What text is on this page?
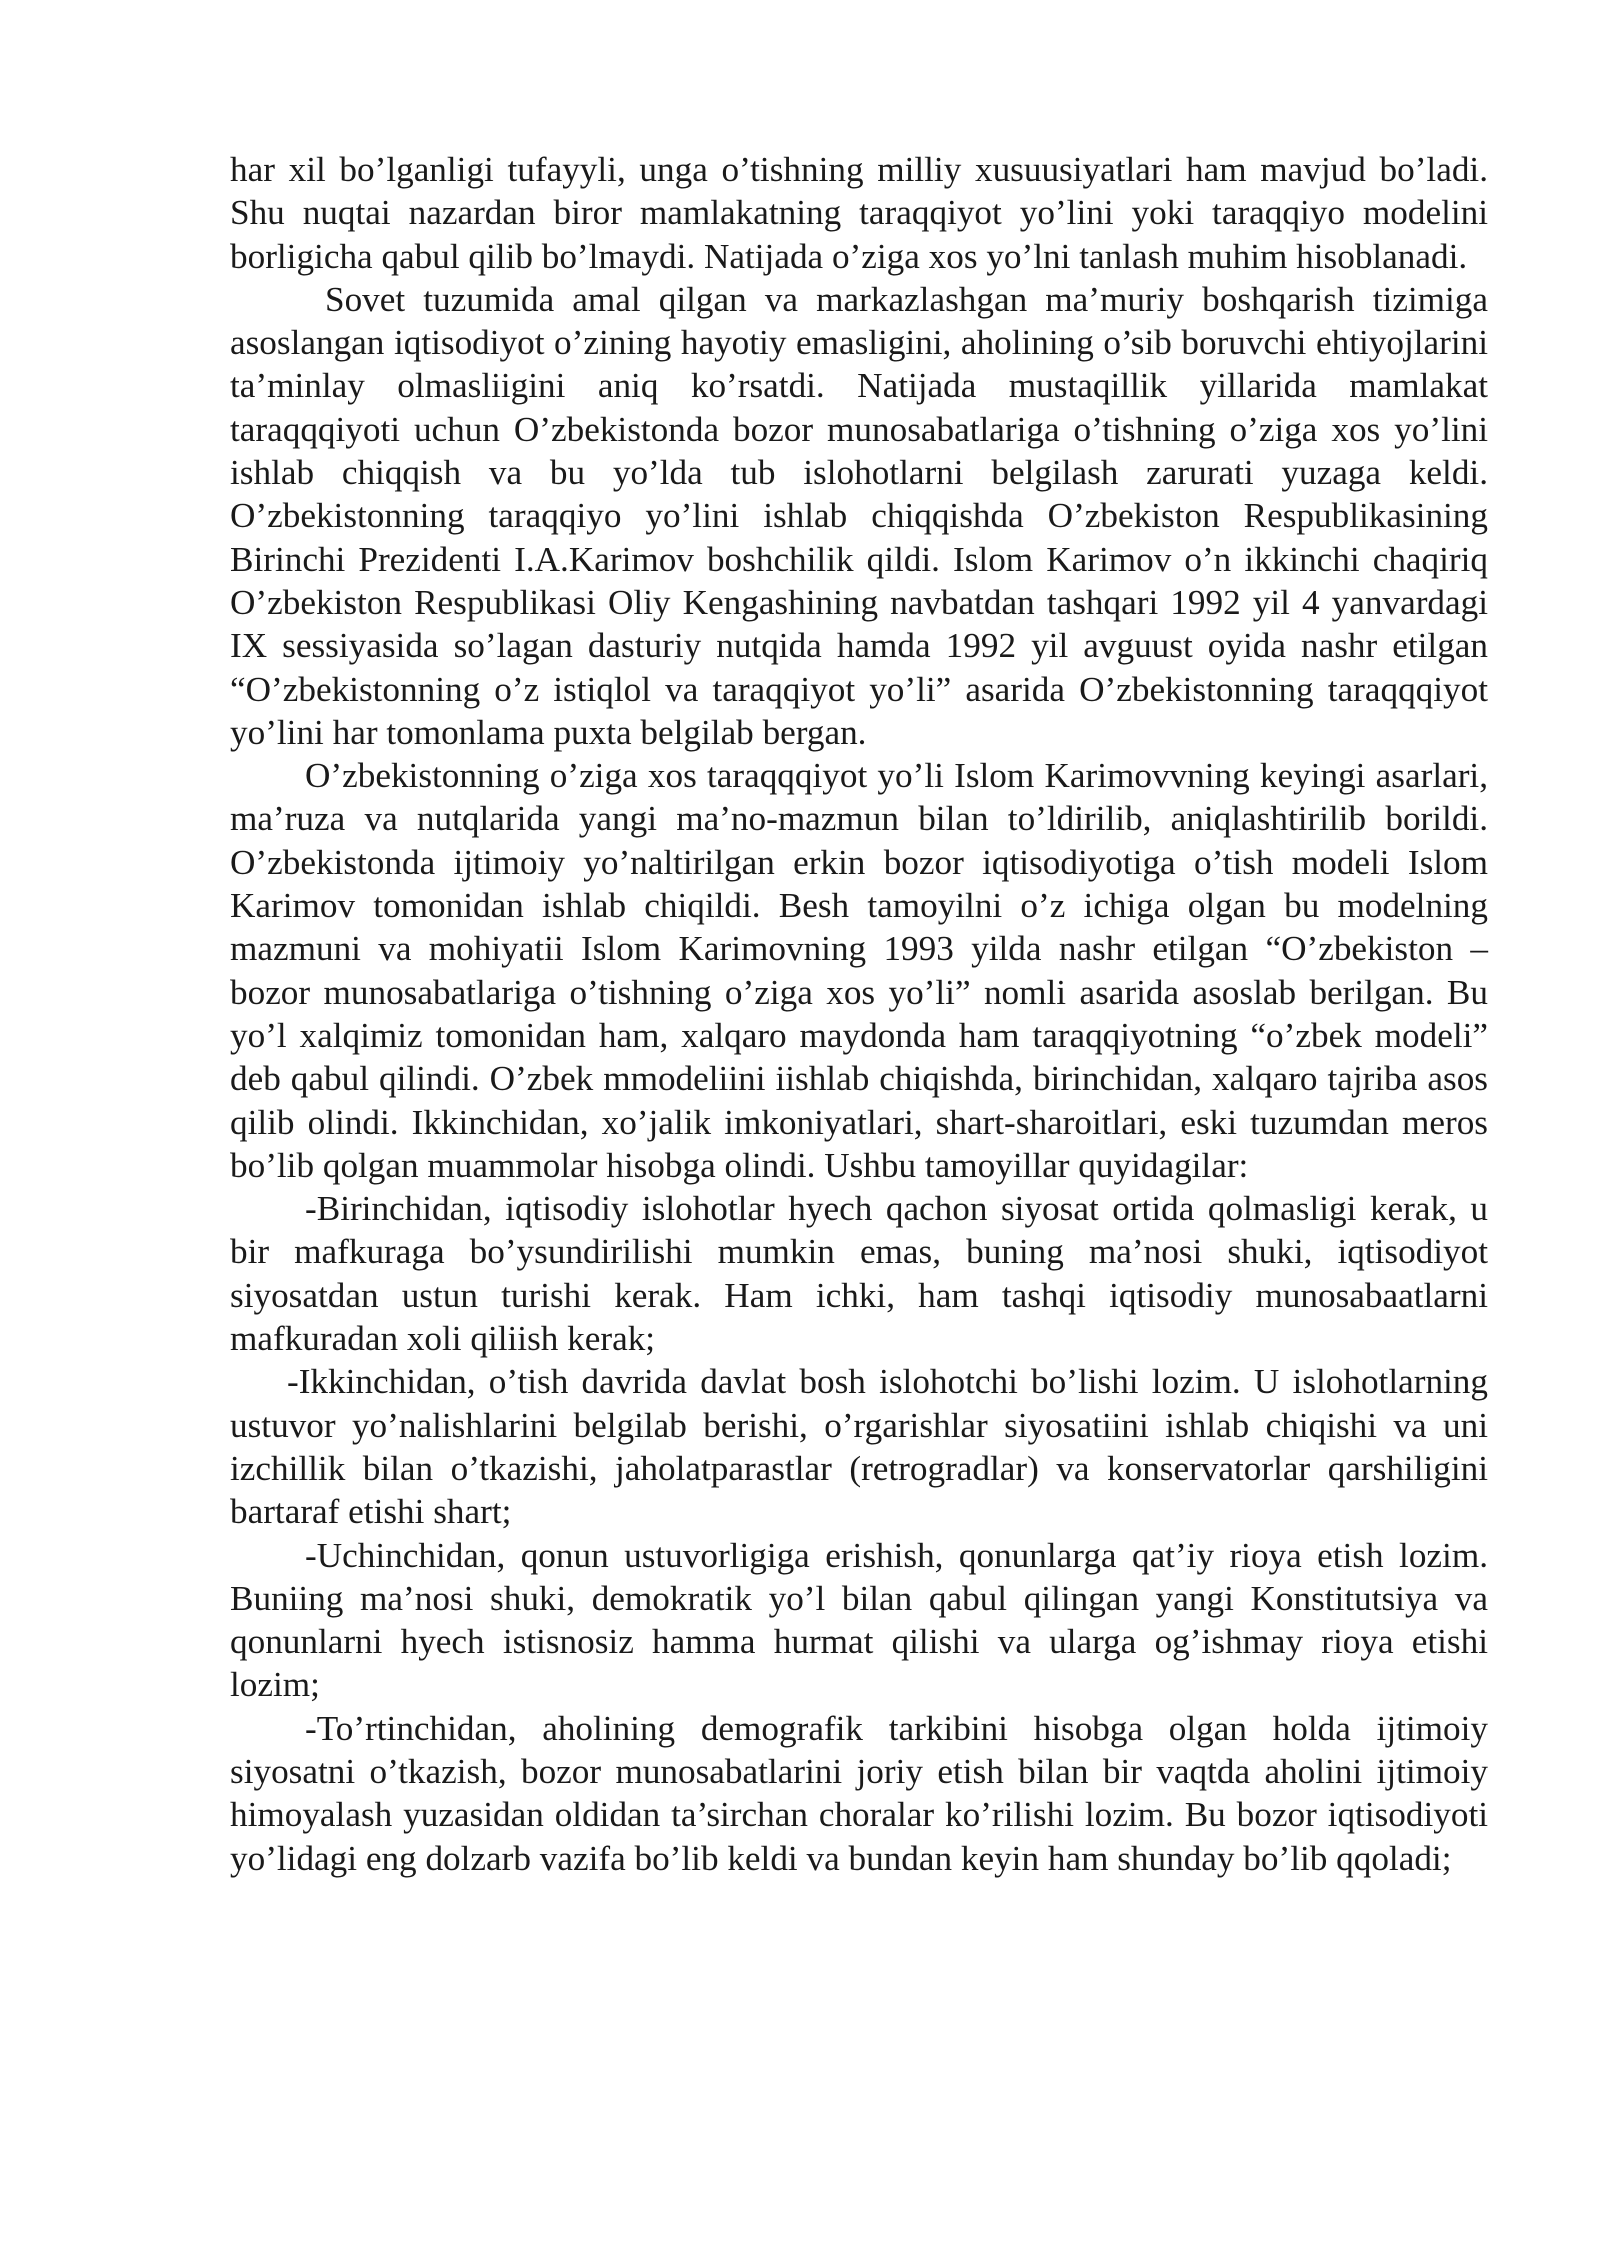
har xil bo’lganligi tufayyli, unga o’tishning milliy xusuusiyatlari ham mavjud bo’ladi. Shu nuqtai nazardan biror mamlakatning taraqqiyot yo’lini yoki taraqqiyo modelini borligicha qabul qilib bo’lmaydi. Natijada o’ziga xos yo’lni tanlash muhim hisoblanadi.

Sovet tuzumida amal qilgan va markazlashgan ma’muriy boshqarish tizimiga asoslangan iqtisodiyot o’zining hayotiy emasligini, aholining o’sib boruvchi ehtiyojlarini ta’minlay olmasliigini aniq ko’rsatdi. Natijada mustaqillik yillarida mamlakat taraqqqiyoti uchun O’zbekistonda bozor munosabatlariga o’tishning o’ziga xos yo’lini ishlab chiqqish va bu yo’lda tub islohotlarni belgilash zarurati yuzaga keldi. O’zbekistonning taraqqiyo yo’lini ishlab chiqqishda O’zbekiston Respublikasining Birinchi Prezidenti I.A.Karimov boshchilik qildi. Islom Karimov o’n ikkinchi chaqiriq O’zbekiston Respublikasi Oliy Kengashining navbatdan tashqari 1992 yil 4 yanvardagi IX sessiyasida so’lagan dasturiy nutqida hamda 1992 yil avguust oyida nashr etilgan “O’zbekistonning o’z istiqlol va taraqqiyot yo’li” asarida O’zbekistonning taraqqqiyot yo’lini har tomonlama puxta belgilab bergan.

O’zbekistonning o’ziga xos taraqqqiyot yo’li Islom Karimovvning keyingi asarlari, ma’ruza va nutqlarida yangi ma’no-mazmun bilan to’ldirilib, aniqlashtirilib borildi. O’zbekistonda ijtimoiy yo’naltirilgan erkin bozor iqtisodiyotiga o’tish modeli Islom Karimov tomonidan ishlab chiqildi. Besh tamoyilni o’z ichiga olgan bu modelning mazmuni va mohiyatii Islom Karimovning 1993 yilda nashr etilgan “O’zbekiston – bozor munosabatlariga o’tishning o’ziga xos yo’li” nomli asarida asoslab berilgan. Bu yo’l xalqimiz tomonidan ham, xalqaro maydonda ham taraqqiyotning “o’zbek modeli” deb qabul qilindi. O’zbek mmodeliini iishlab chiqishda, birinchidan, xalqaro tajriba asos qilib olindi. Ikkinchidan, xo’jalik imkoniyatlari, shart-sharoitlari, eski tuzumdan meros bo’lib qolgan muammolar hisobga olindi. Ushbu tamoyillar quyidagilar:

-Birinchidan, iqtisodiy islohotlar hyech qachon siyosat ortida qolmasligi kerak, u bir mafkuraga bo’ysundirilishi mumkin emas, buning ma’nosi shuki, iqtisodiyot siyosatdan ustun turishi kerak. Ham ichki, ham tashqi iqtisodiy munosabaatlarni mafkuradan xoli qiliish kerak;

-Ikkinchidan, o’tish davrida davlat bosh islohotchi bo’lishi lozim. U islohotlarning ustuvor yo’nalishlarini belgilab berishi, o’rgarishlar siyosatiini ishlab chiqishi va uni izchillik bilan o’tkazishi, jaholatparastlar (retrogradlar) va konservatorlar qarshiligini bartaraf etishi shart;

-Uchinchidan, qonun ustuvorligiga erishish, qonunlarga qat’iy rioya etish lozim. Buniing ma’nosi shuki, demokratik yo’l bilan qabul qilingan yangi Konstitutsiya va qonunlarni hyech istisnosiz hamma hurmat qilishi va ularga og’ishmay rioya etishi lozim;

-To’rtinchidan, aholining demografik tarkibini hisobga olgan holda ijtimoiy siyosatni o’tkazish, bozor munosabatlarini joriy etish bilan bir vaqtda aholini ijtimoiy himoyalash yuzasidan oldidan ta’sirchan choralar ko’rilishi lozim. Bu bozor iqtisodiyoti yo’lidagi eng dolzarb vazifa bo’lib keldi va bundan keyin ham shunday bo’lib qqoladi;
